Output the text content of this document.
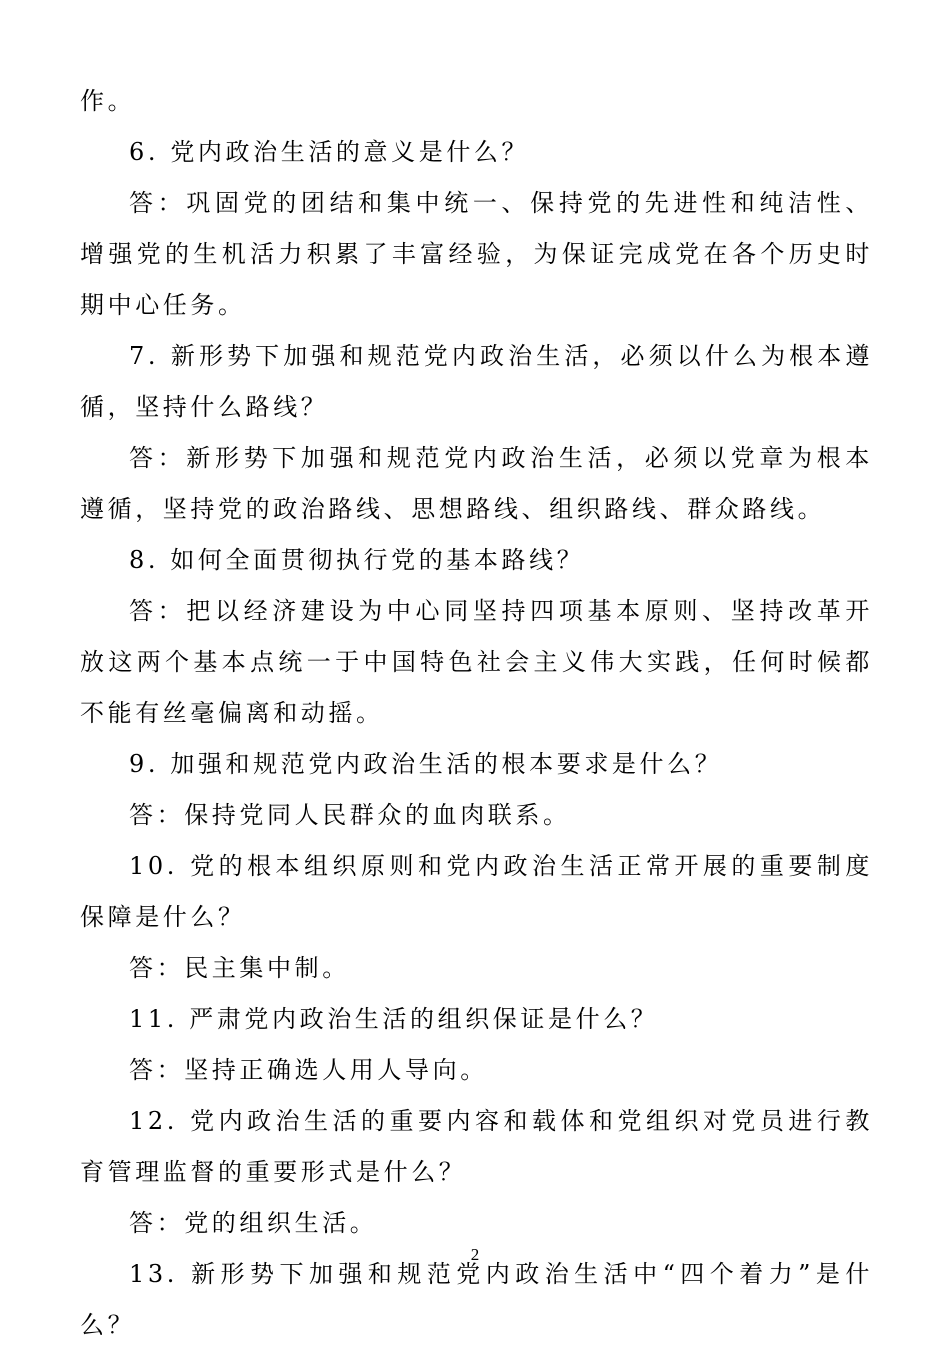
作。

6. 党内政治生活的意义是什么？

答：巩固党的团结和集中统一、保持党的先进性和纯洁性、增强党的生机活力积累了丰富经验，为保证完成党在各个历史时期中心任务。

7. 新形势下加强和规范党内政治生活，必须以什么为根本遵循，坚持什么路线？

答：新形势下加强和规范党内政治生活，必须以党章为根本遵循，坚持党的政治路线、思想路线、组织路线、群众路线。

8. 如何全面贯彻执行党的基本路线？

答：把以经济建设为中心同坚持四项基本原则、坚持改革开放这两个基本点统一于中国特色社会主义伟大实践，任何时候都不能有丝毫偏离和动摇。

9. 加强和规范党内政治生活的根本要求是什么？

答：保持党同人民群众的血肉联系。

10. 党的根本组织原则和党内政治生活正常开展的重要制度保障是什么？

答：民主集中制。

11. 严肃党内政治生活的组织保证是什么？

答：坚持正确选人用人导向。

12. 党内政治生活的重要内容和载体和党组织对党员进行教育管理监督的重要形式是什么？

答：党的组织生活。

13. 新形势下加强和规范党内政治生活中“四个着力”是什么？

2
